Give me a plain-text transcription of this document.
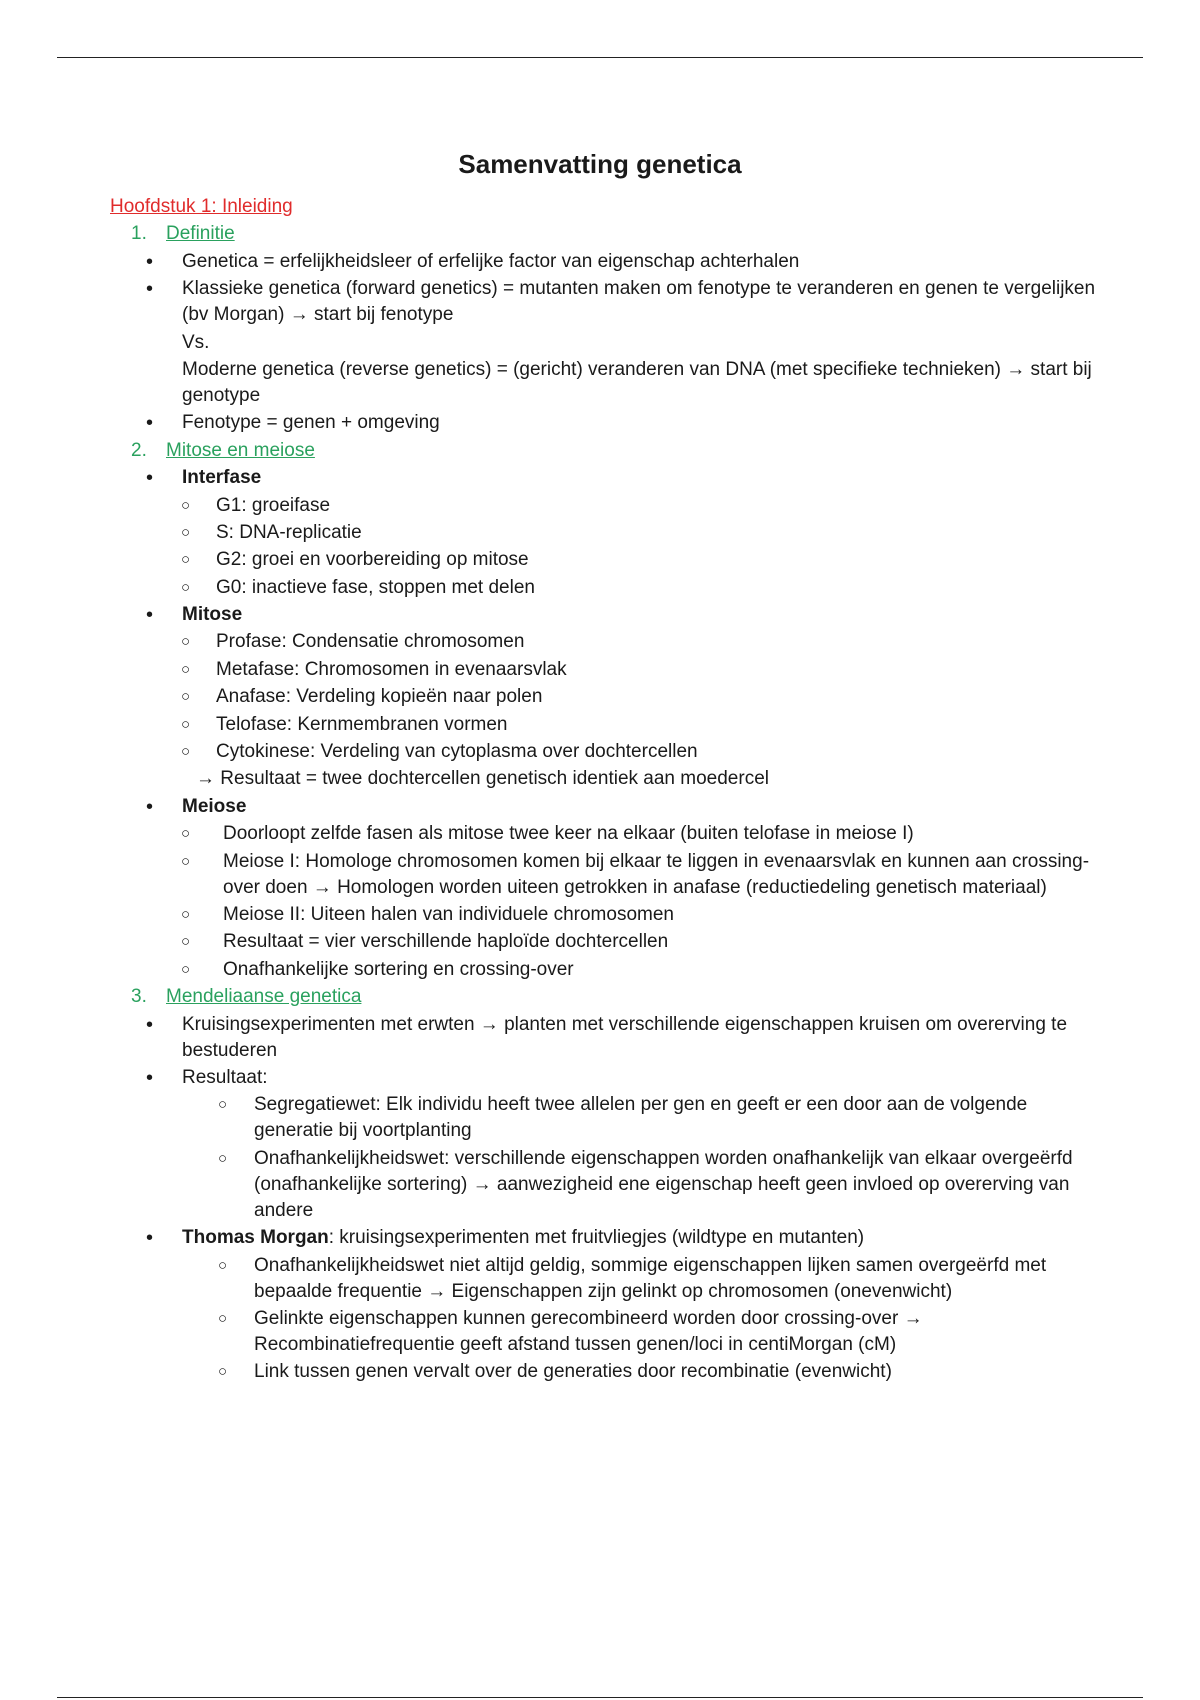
Samenvatting genetica
Hoofdstuk 1: Inleiding
1. Definitie
• Genetica = erfelijkheidsleer of erfelijke factor van eigenschap achterhalen
• Klassieke genetica (forward genetics) = mutanten maken om fenotype te veranderen en genen te vergelijken (bv Morgan) → start bij fenotype
Vs.
Moderne genetica (reverse genetics) = (gericht) veranderen van DNA (met specifieke technieken) → start bij genotype
• Fenotype = genen + omgeving
2. Mitose en meiose
• Interfase
○ G1: groeifase
○ S: DNA-replicatie
○ G2: groei en voorbereiding op mitose
○ G0: inactieve fase, stoppen met delen
• Mitose
○ Profase: Condensatie chromosomen
○ Metafase: Chromosomen in evenaarsvlak
○ Anafase: Verdeling kopieën naar polen
○ Telofase: Kernmembranen vormen
○ Cytokinese: Verdeling van cytoplasma over dochtercellen
→ Resultaat = twee dochtercellen genetisch identiek aan moedercel
• Meiose
○ Doorloopt zelfde fasen als mitose twee keer na elkaar (buiten telofase in meiose I)
○ Meiose I: Homologe chromosomen komen bij elkaar te liggen in evenaarsvlak en kunnen aan crossing-over doen → Homologen worden uiteen getrokken in anafase (reductiedeling genetisch materiaal)
○ Meiose II: Uiteen halen van individuele chromosomen
○ Resultaat = vier verschillende haploïde dochtercellen
○ Onafhankelijke sortering en crossing-over
3. Mendeliaanse genetica
• Kruisingsexperimenten met erwten → planten met verschillende eigenschappen kruisen om overerving te bestuderen
• Resultaat:
○ Segregatiewet: Elk individu heeft twee allelen per gen en geeft er een door aan de volgende generatie bij voortplanting
○ Onafhankelijkheidswet: verschillende eigenschappen worden onafhankelijk van elkaar overgeërfd (onafhankelijke sortering) → aanwezigheid ene eigenschap heeft geen invloed op overerving van andere
• Thomas Morgan: kruisingsexperimenten met fruitvliegjes (wildtype en mutanten)
○ Onafhankelijkheidswet niet altijd geldig, sommige eigenschappen lijken samen overgeërfd met bepaalde frequentie → Eigenschappen zijn gelinkt op chromosomen (onevenwicht)
○ Gelinkte eigenschappen kunnen gerecombineerd worden door crossing-over → Recombinatiefrequentie geeft afstand tussen genen/loci in centiMorgan (cM)
○ Link tussen genen vervalt over de generaties door recombinatie (evenwicht)
